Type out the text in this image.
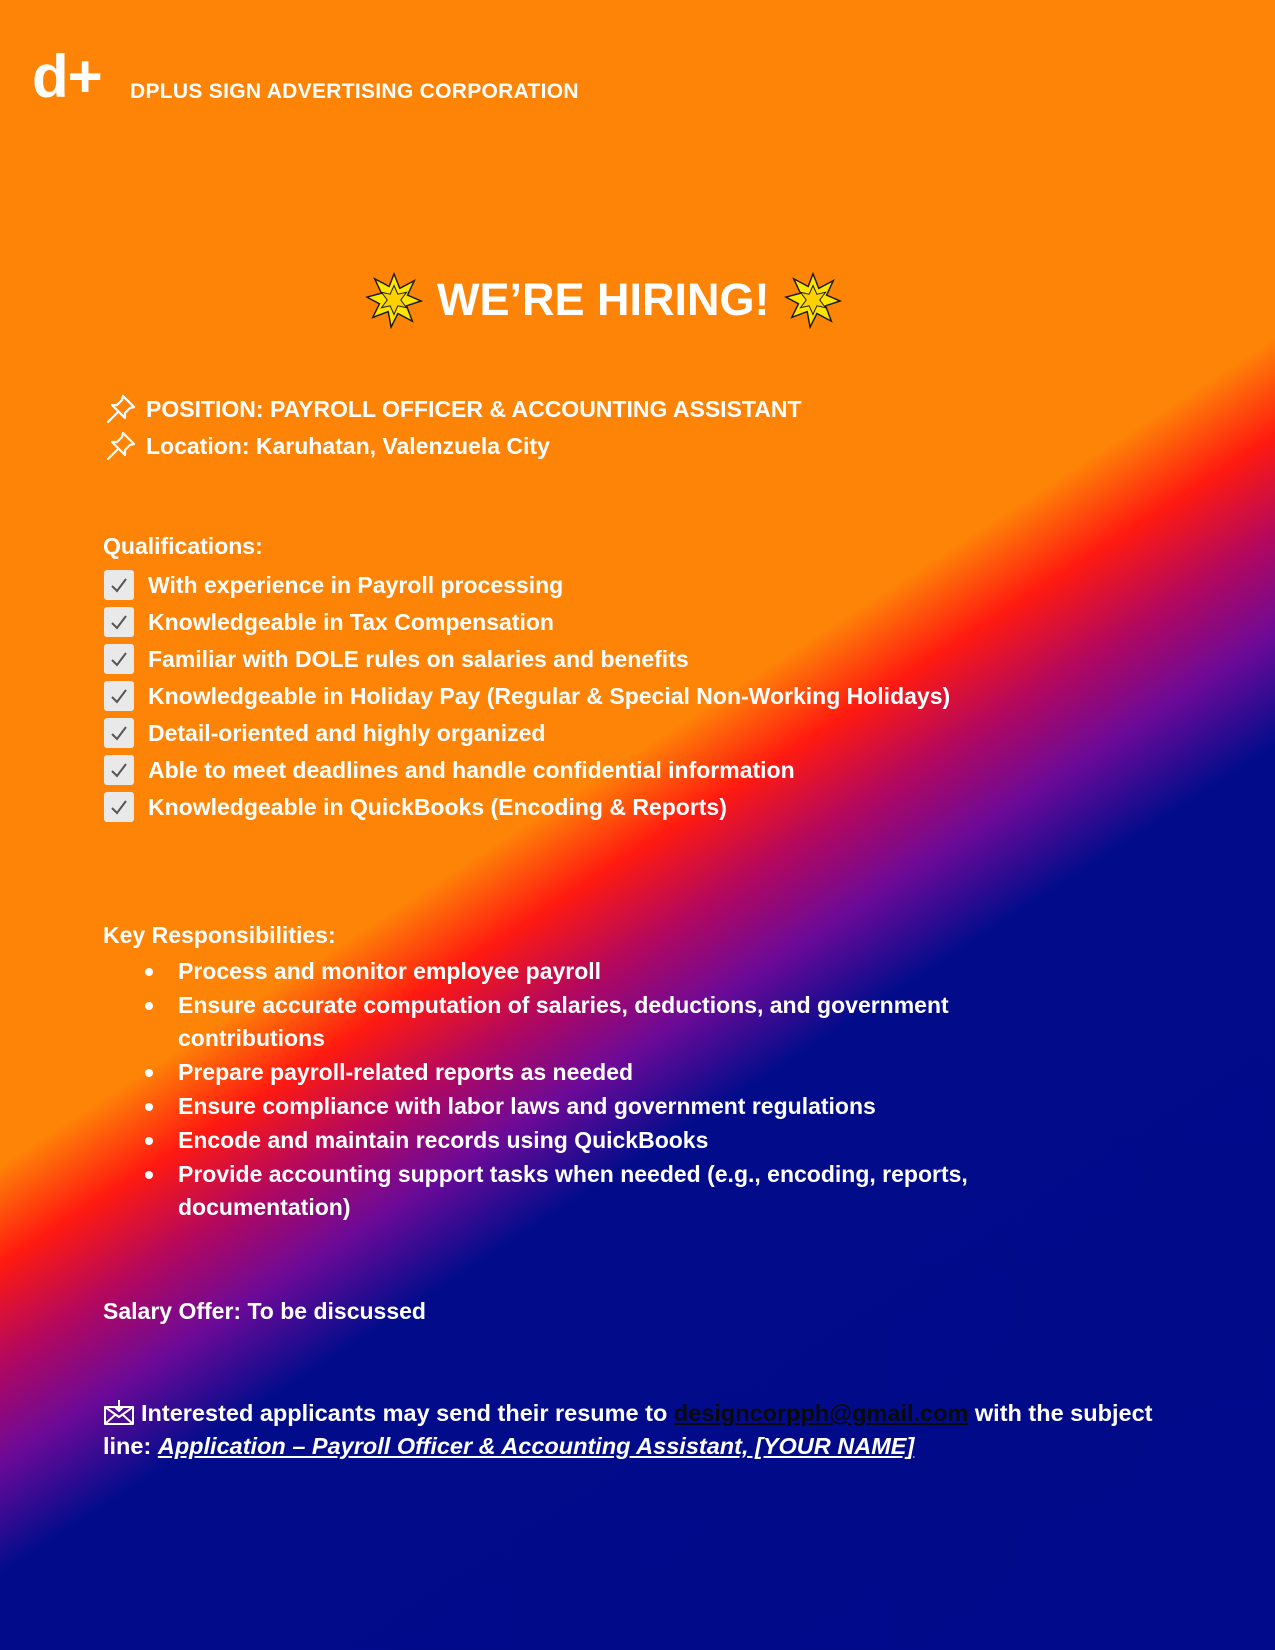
d+ DPLUS SIGN ADVERTISING CORPORATION
WE’RE HIRING!
POSITION: PAYROLL OFFICER & ACCOUNTING ASSISTANT
Location: Karuhatan, Valenzuela City
Qualifications:
With experience in Payroll processing
Knowledgeable in Tax Compensation
Familiar with DOLE rules on salaries and benefits
Knowledgeable in Holiday Pay (Regular & Special Non-Working Holidays)
Detail-oriented and highly organized
Able to meet deadlines and handle confidential information
Knowledgeable in QuickBooks (Encoding & Reports)
Key Responsibilities:
Process and monitor employee payroll
Ensure accurate computation of salaries, deductions, and government contributions
Prepare payroll-related reports as needed
Ensure compliance with labor laws and government regulations
Encode and maintain records using QuickBooks
Provide accounting support tasks when needed (e.g., encoding, reports, documentation)
Salary Offer: To be discussed
Interested applicants may send their resume to designcorpph@gmail.com with the subject line: Application – Payroll Officer & Accounting Assistant, [YOUR NAME]
